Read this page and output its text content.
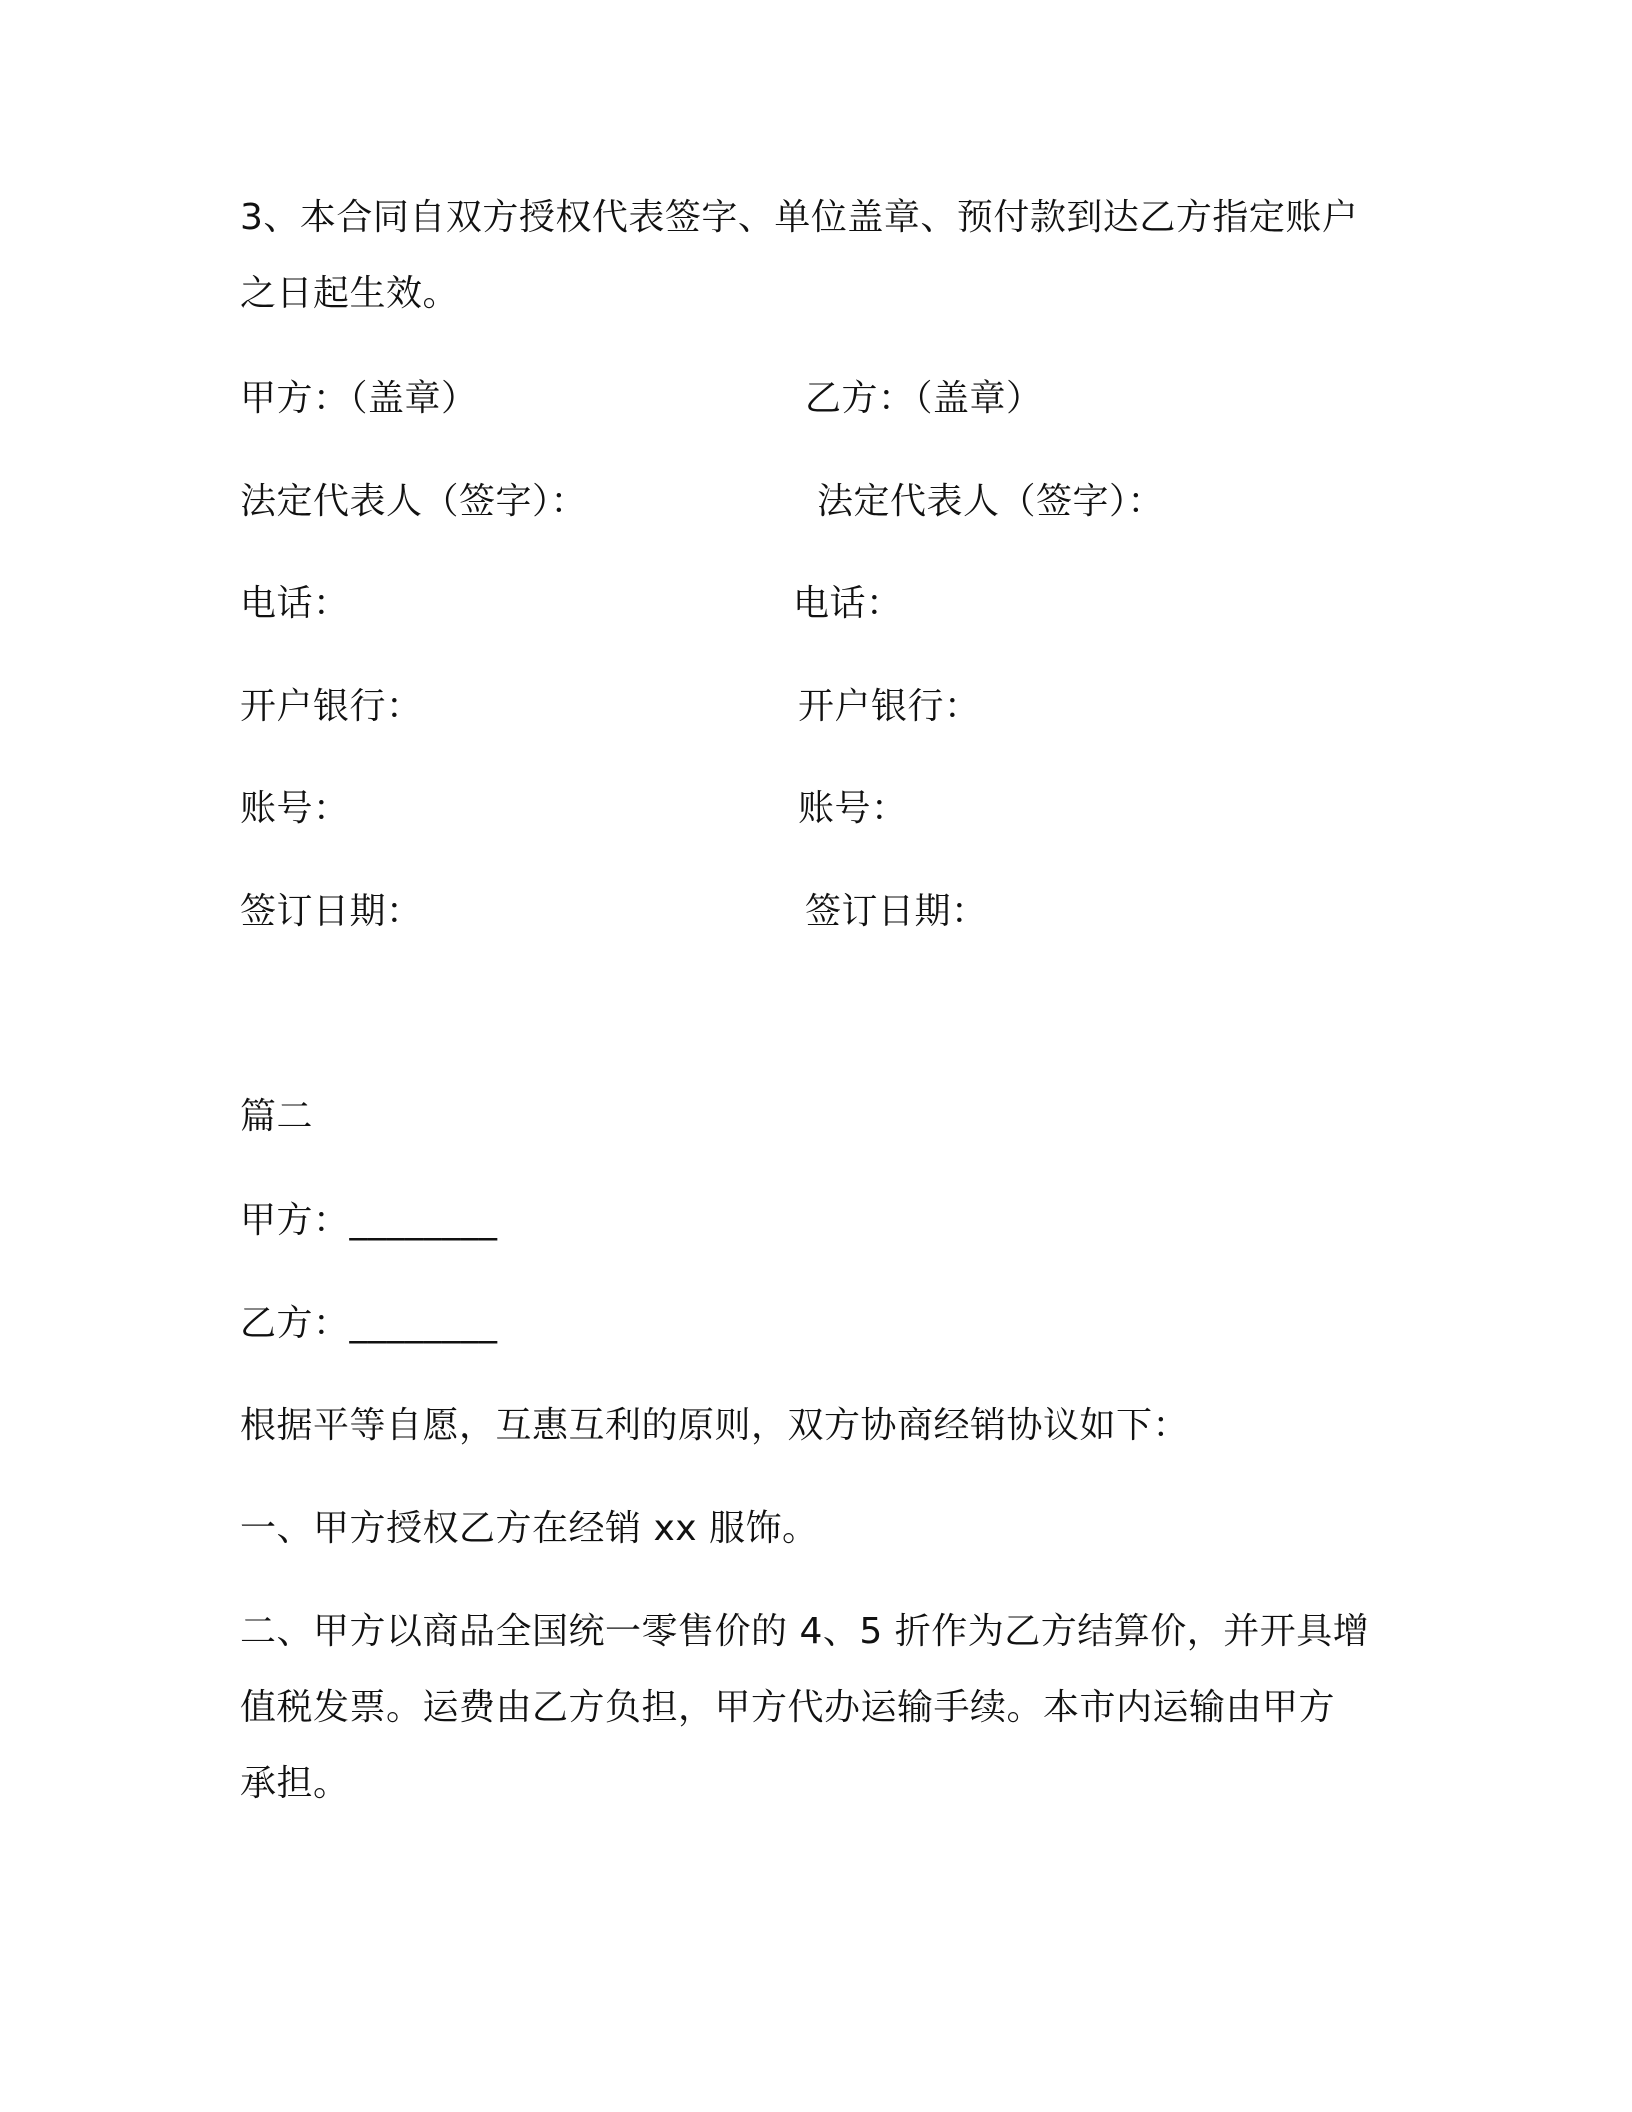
3、本合同自双方授权代表签字、单位盖章、预付款到达乙方指定账户
之日起生效。
甲方：（盖章）	乙方：（盖章）
法定代表人（签字）：	法定代表人（签字）：
电话：	电话：
开户银行：	开户银行：
账号：	账号：
签订日期：	签订日期：
篇二
甲方：________
乙方：________
根据平等自愿，互惠互利的原则，双方协商经销协议如下：
一、甲方授权乙方在经销 xx 服饰。
二、甲方以商品全国统一零售价的 4、5 折作为乙方结算价，并开具增
值税发票。运费由乙方负担，甲方代办运输手续。本市内运输由甲方
承担。
